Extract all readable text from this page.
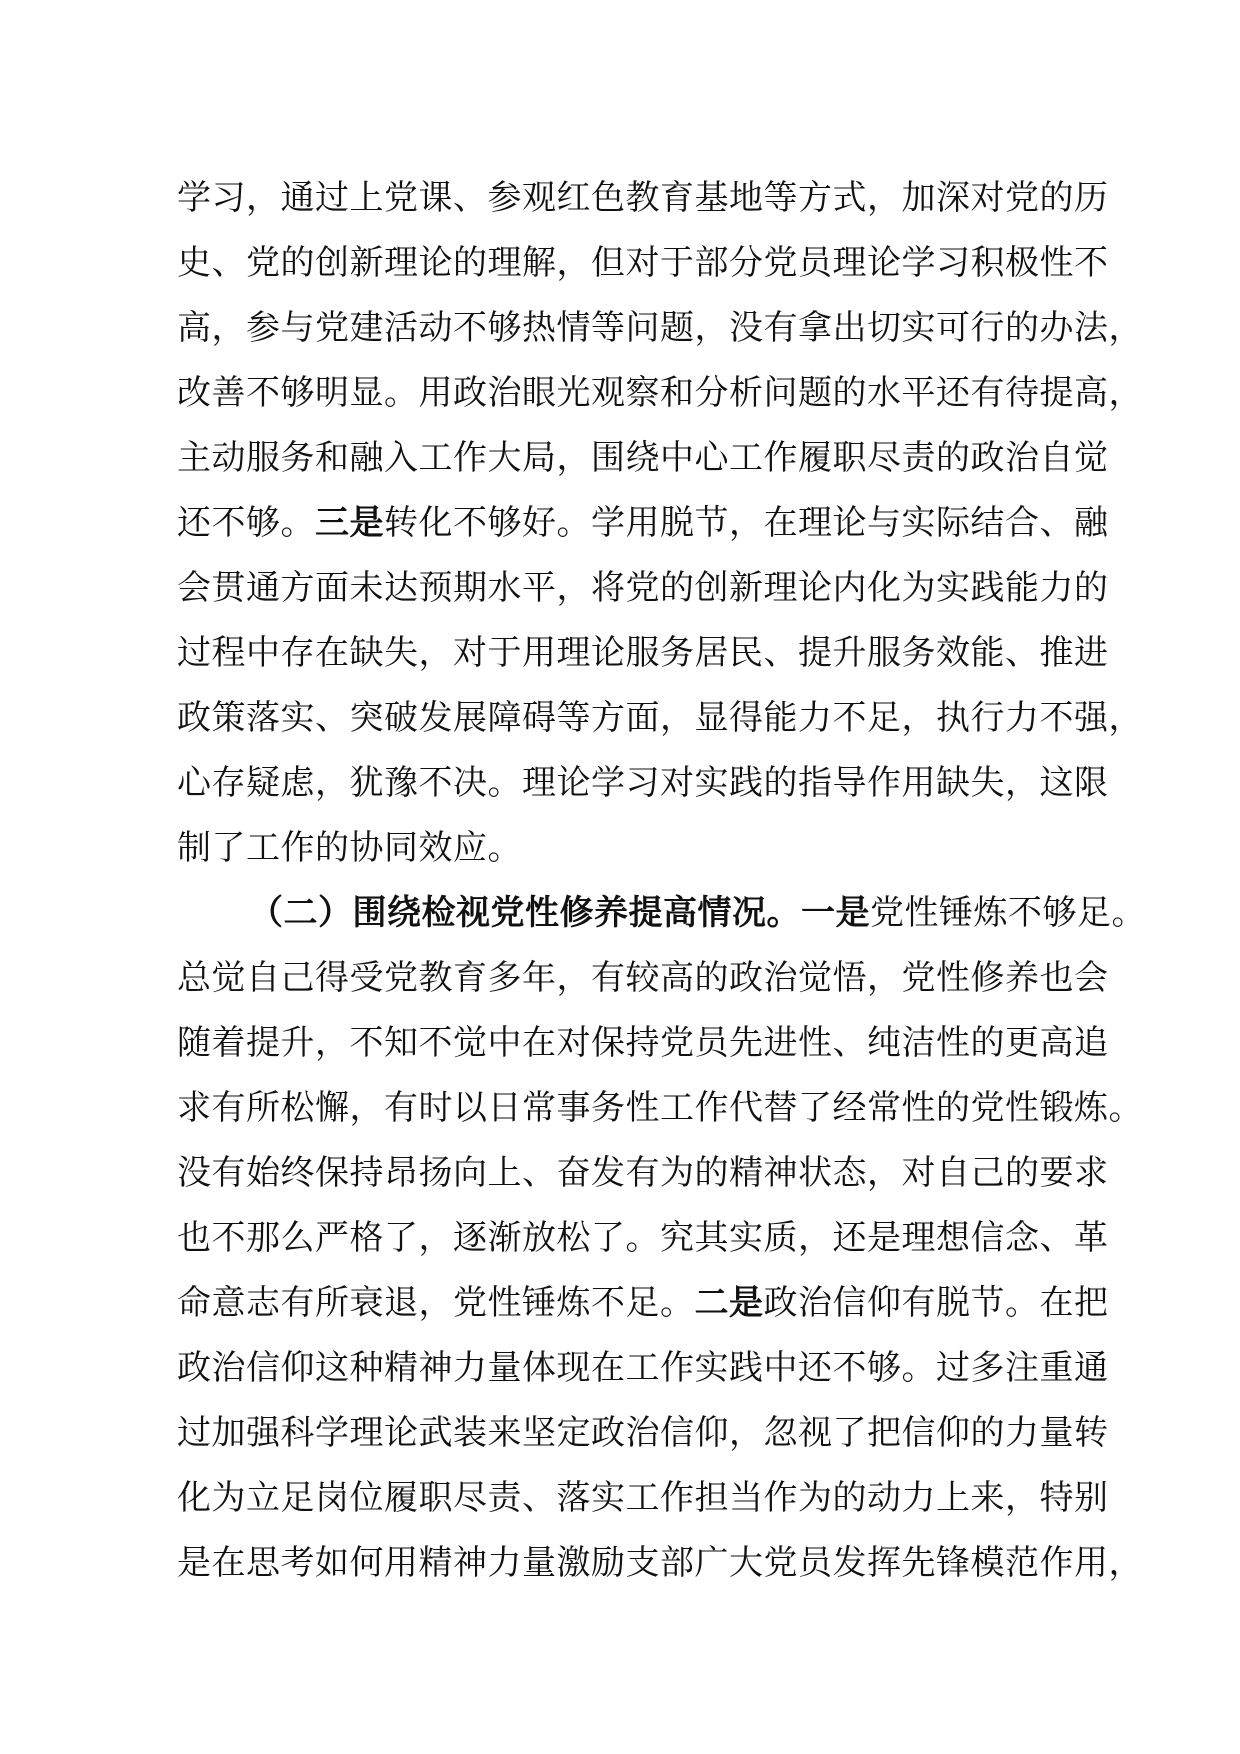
学习，通过上党课、参观红色教育基地等方式，加深对党的历
史、党的创新理论的理解，但对于部分党员理论学习积极性不
高，参与党建活动不够热情等问题，没有拿出切实可行的办法，
改善不够明显。用政治眼光观察和分析问题的水平还有待提高，
主动服务和融入工作大局，围绕中心工作履职尽责的政治自觉
还不够。三是转化不够好。学用脱节，在理论与实际结合、融
会贯通方面未达预期水平，将党的创新理论内化为实践能力的
过程中存在缺失，对于用理论服务居民、提升服务效能、推进
政策落实、突破发展障碍等方面，显得能力不足，执行力不强，
心存疑虑，犹豫不决。理论学习对实践的指导作用缺失，这限
制了工作的协同效应。
（二）围绕检视党性修养提高情况。一是党性锤炼不够足。
总觉自己得受党教育多年，有较高的政治觉悟，党性修养也会
随着提升，不知不觉中在对保持党员先进性、纯洁性的更高追
求有所松懈，有时以日常事务性工作代替了经常性的党性锻炼。
没有始终保持昂扬向上、奋发有为的精神状态，对自己的要求
也不那么严格了，逐渐放松了。究其实质，还是理想信念、革
命意志有所衰退，党性锤炼不足。二是政治信仰有脱节。在把
政治信仰这种精神力量体现在工作实践中还不够。过多注重通
过加强科学理论武装来坚定政治信仰，忽视了把信仰的力量转
化为立足岗位履职尽责、落实工作担当作为的动力上来，特别
是在思考如何用精神力量激励支部广大党员发挥先锋模范作用，
